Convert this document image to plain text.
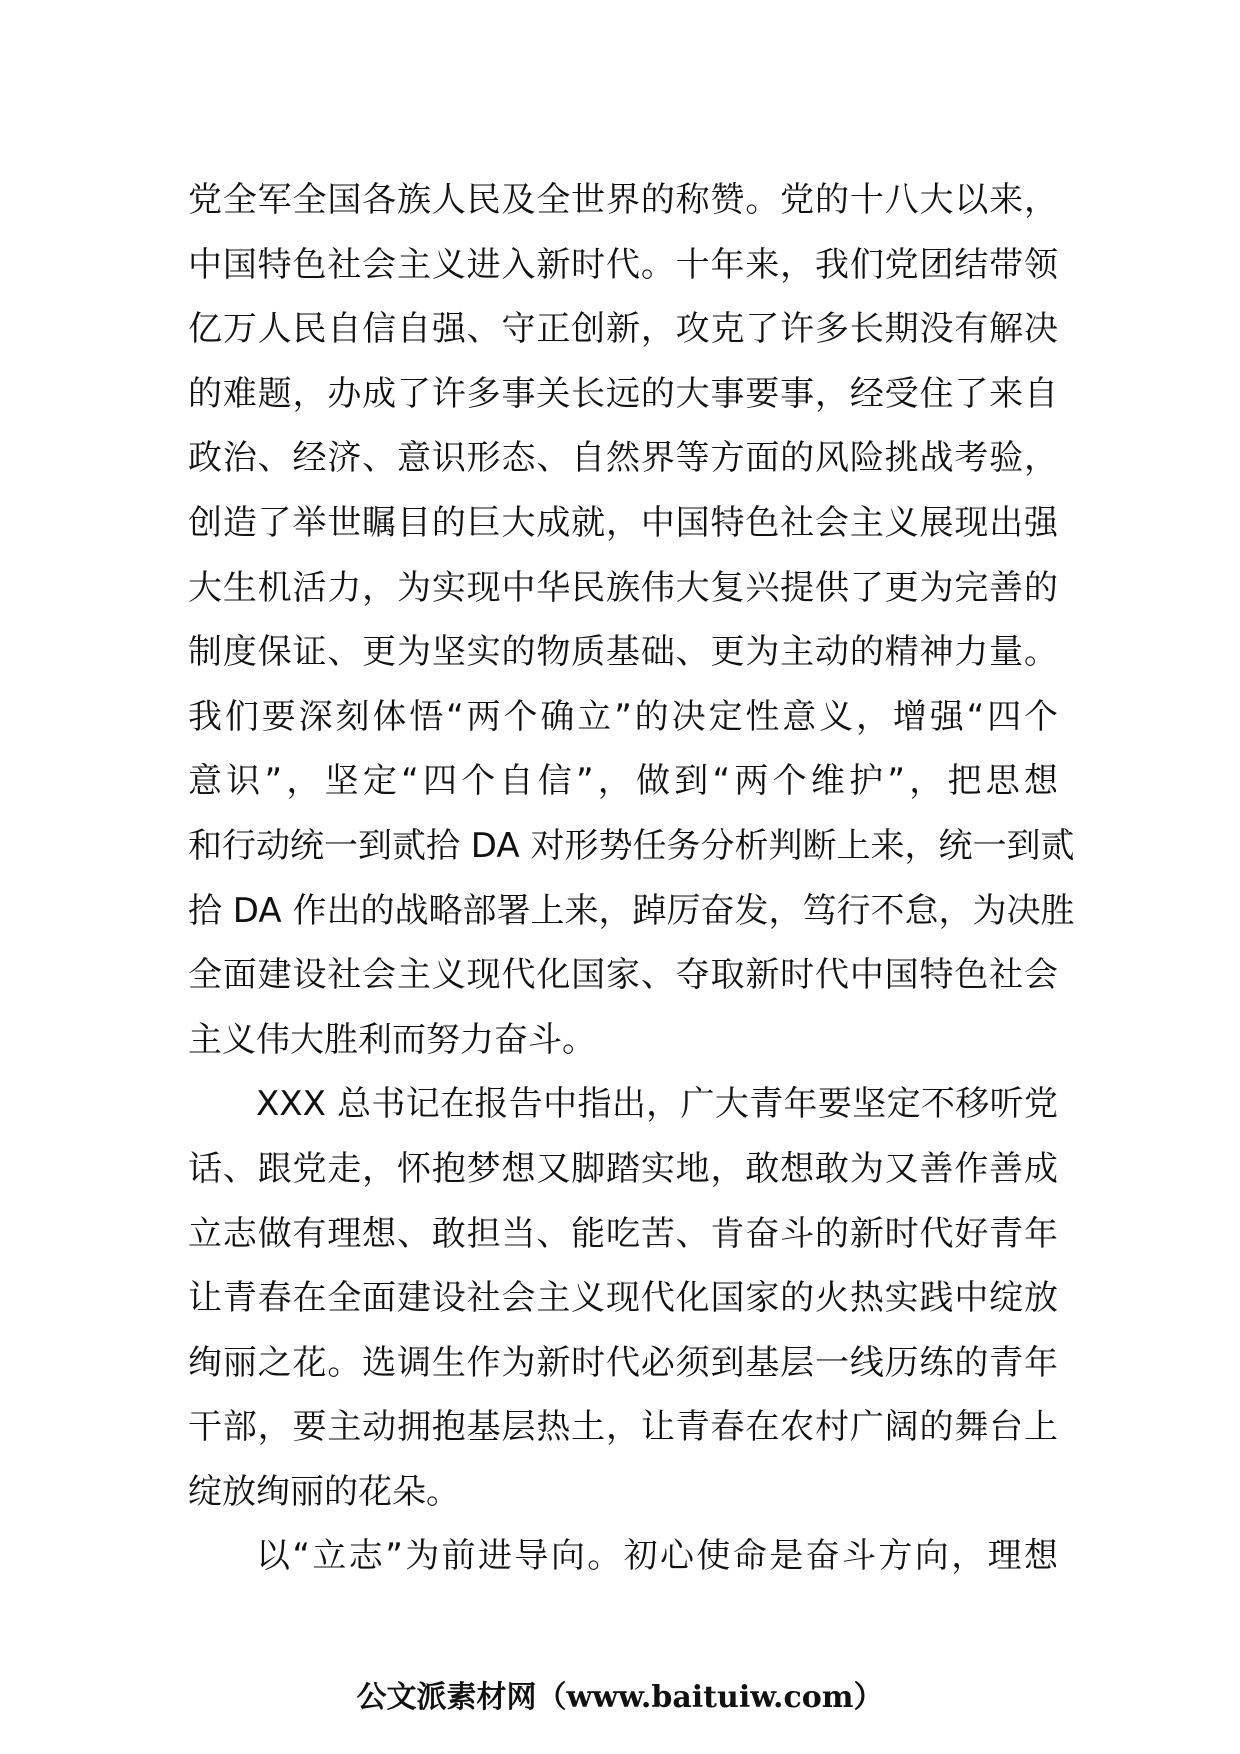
党全军全国各族人民及全世界的称赞。党的十八大以来，
中国特色社会主义进入新时代。十年来，我们党团结带领
亿万人民自信自强、守正创新，攻克了许多长期没有解决
的难题，办成了许多事关长远的大事要事，经受住了来自
政治、经济、意识形态、自然界等方面的风险挑战考验，
创造了举世瞩目的巨大成就，中国特色社会主义展现出强
大生机活力，为实现中华民族伟大复兴提供了更为完善的
制度保证、更为坚实的物质基础、更为主动的精神力量。
我们要深刻体悟“两个确立”的决定性意义，增强“四个
意识”，坚定“四个自信”，做到“两个维护”，把思想
和行动统一到贰拾 DA 对形势任务分析判断上来，统一到贰
拾 DA 作出的战略部署上来，踔厉奋发，笃行不怠，为决胜
全面建设社会主义现代化国家、夺取新时代中国特色社会
主义伟大胜利而努力奋斗。
XXX 总书记在报告中指出，广大青年要坚定不移听党
话、跟党走，怀抱梦想又脚踏实地，敢想敢为又善作善成
立志做有理想、敢担当、能吃苦、肯奋斗的新时代好青年
让青春在全面建设社会主义现代化国家的火热实践中绽放
绚丽之花。选调生作为新时代必须到基层一线历练的青年
干部，要主动拥抱基层热土，让青春在农村广阔的舞台上
绽放绚丽的花朵。
以“立志”为前进导向。初心使命是奋斗方向，理想
公文派素材网（www.baituiw.com）
